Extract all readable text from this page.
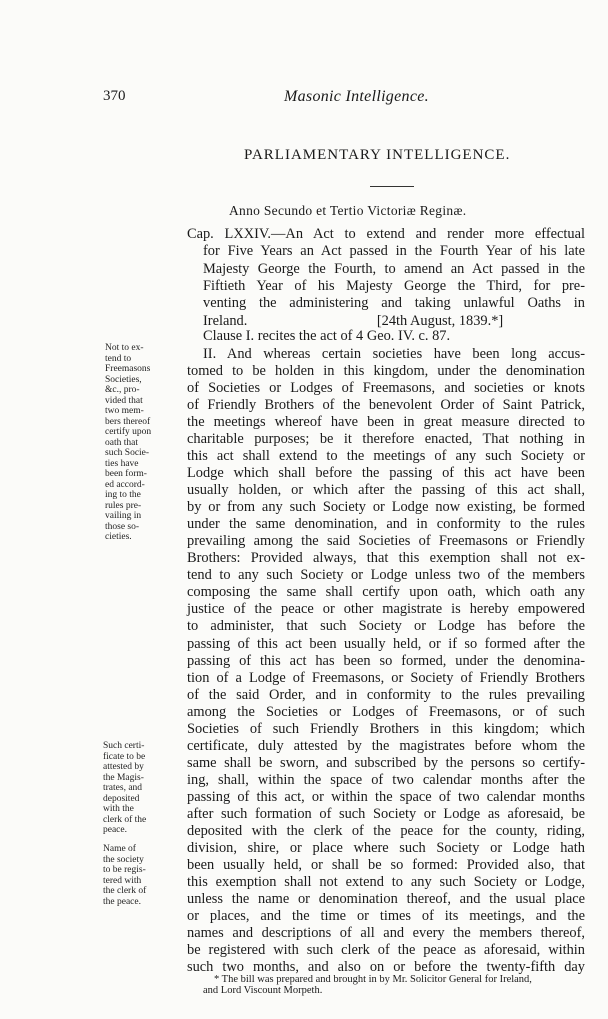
370	Masonic Intelligence.
PARLIAMENTARY INTELLIGENCE.
Anno Secundo et Tertio Victoriæ Reginæ.
Cap. LXXIV.—An Act to extend and render more effectual
for Five Years an Act passed in the Fourth Year of his late
Majesty George the Fourth, to amend an Act passed in the
Fiftieth Year of his Majesty George the Third, for pre-
venting the administering and taking unlawful Oaths in
Ireland.                                    [24th August, 1839.*]
Clause I. recites the act of 4 Geo. IV. c. 87.
II. And whereas certain societies have been long accus-
tomed to be holden in this kingdom, under the denomination
of Societies or Lodges of Freemasons, and societies or knots
of Friendly Brothers of the benevolent Order of Saint Patrick,
the meetings whereof have been in great measure directed to
charitable purposes; be it therefore enacted, That nothing in
this act shall extend to the meetings of any such Society or
Lodge which shall before the passing of this act have been
usually holden, or which after the passing of this act shall,
by or from any such Society or Lodge now existing, be formed
under the same denomination, and in conformity to the rules
prevailing among the said Societies of Freemasons or Friendly
Brothers: Provided always, that this exemption shall not ex-
tend to any such Society or Lodge unless two of the members
composing the same shall certify upon oath, which oath any
justice of the peace or other magistrate is hereby empowered
to administer, that such Society or Lodge has before the
passing of this act been usually held, or if so formed after the
passing of this act has been so formed, under the denomina-
tion of a Lodge of Freemasons, or Society of Friendly Brothers
of the said Order, and in conformity to the rules prevailing
among the Societies or Lodges of Freemasons, or of such
Societies of such Friendly Brothers in this kingdom; which
certificate, duly attested by the magistrates before whom the
same shall be sworn, and subscribed by the persons so certify-
ing, shall, within the space of two calendar months after the
passing of this act, or within the space of two calendar months
after such formation of such Society or Lodge as aforesaid, be
deposited with the clerk of the peace for the county, riding,
division, shire, or place where such Society or Lodge hath
been usually held, or shall be so formed: Provided also, that
this exemption shall not extend to any such Society or Lodge,
unless the name or denomination thereof, and the usual place
or places, and the time or times of its meetings, and the
names and descriptions of all and every the members thereof,
be registered with such clerk of the peace as aforesaid, within
such two months, and also on or before the twenty-fifth day
Not to ex-
tend to
Freemasons
Societies,
&c., pro-
vided that
two mem-
bers thereof
certify upon
oath that
such Socie-
ties have
been form-
ed accord-
ing to the
rules pre-
vailing in
those so-
cieties.
Such certi-
ficate to be
attested by
the Magis-
trates, and
deposited
with the
clerk of the
peace.
Name of
the society
to be regis-
tered with
the clerk of
the peace.
* The bill was prepared and brought in by Mr. Solicitor General for Ireland,
and Lord Viscount Morpeth.
